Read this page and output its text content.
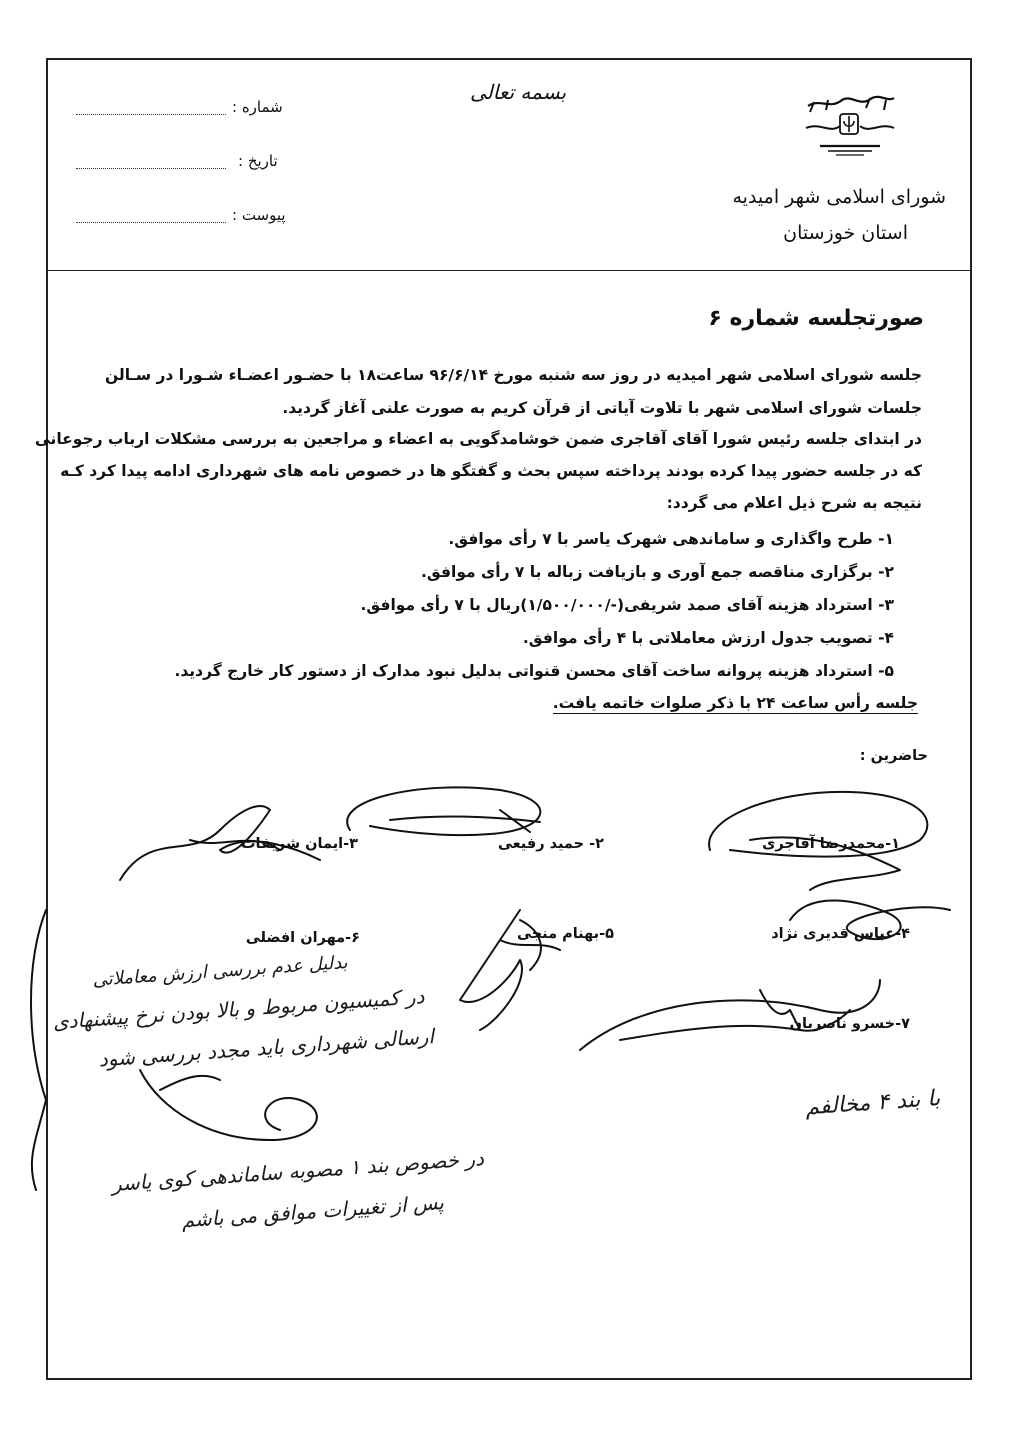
بسمه تعالی
شماره :
تاریخ :
پیوست :
شورای اسلامی شهر امیدیه
استان خوزستان
صورتجلسه شماره ۶
جلسه شورای اسلامی شهر امیدیه در روز سه شنبه مورخ ۹۶/۶/۱۴ ساعت۱۸ با حضـور اعضـاء شـورا در سـالن
جلسات شورای اسلامی شهر با تلاوت آیاتی از قرآن کریم به صورت علنی آغاز گردید.
در ابتدای جلسه رئیس شورا آقای آقاجری ضمن خوشامدگویی به اعضاء و مراجعین به بررسی مشکلات ارباب رجوعانی
که در جلسه حضور پیدا کرده بودند پرداخته سپس بحث و گفتگو ها در خصوص نامه های شهرداری ادامه پیدا کرد کـه
نتیجه به شرح ذیل اعلام می گردد:
۱- طرح واگذاری و ساماندهی شهرک یاسر با ۷ رأی موافق.
۲- برگزاری مناقصه جمع آوری و بازیافت زباله با ۷ رأی موافق.
۳- استرداد هزینه آقای صمد شریفی(-/۱/۵۰۰/۰۰۰)ریال با ۷ رأی موافق.
۴- تصویب جدول ارزش معاملاتی با ۴ رأی موافق.
۵- استرداد هزینه پروانه ساخت آقای محسن قنواتی بدلیل نبود مدارک از دستور کار خارج گردید.
جلسه رأس ساعت ۲۴ با ذکر صلوات خاتمه یافت.
حاضرین :
۱-محمدرضا آقاجری
۲- حمید رفیعی
۳-ایمان شریفات
۴-عباس قدیری نژاد
۵-بهنام منجی
۶-مهران افضلی
۷-خسرو ناصریان
بدلیل عدم بررسی ارزش معاملاتی
در کمیسیون مربوط و بالا بودن نرخ پیشنهادی
ارسالی شهرداری باید مجدد بررسی شود
با بند ۴ مخالفم
در خصوص بند ۱ مصوبه ساماندهی کوی یاسر
پس از تغییرات موافق می باشم
